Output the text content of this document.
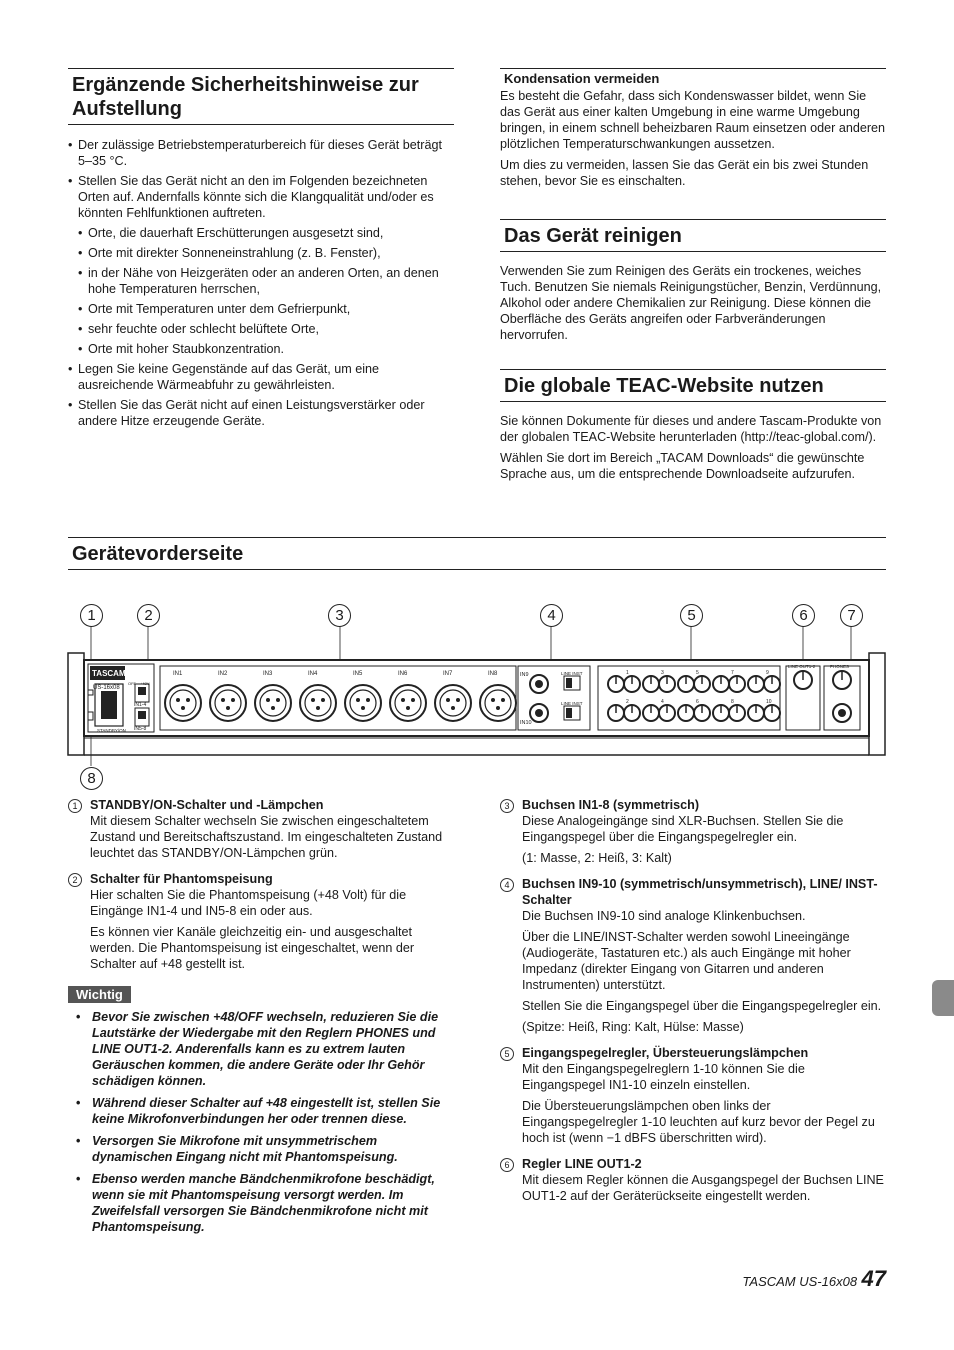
Ergänzende Sicherheitshinweise zur Aufstellung
• Der zulässige Betriebstemperaturbereich für dieses Gerät beträgt 5–35 °C.
• Stellen Sie das Gerät nicht an den im Folgenden bezeichneten Orten auf. Andernfalls könnte sich die Klangqualität und/oder es könnten Fehlfunktionen auftreten.
• Orte, die dauerhaft Erschütterungen ausgesetzt sind,
• Orte mit direkter Sonneneinstrahlung (z. B. Fenster),
• in der Nähe von Heizgeräten oder an anderen Orten, an denen hohe Temperaturen herrschen,
• Orte mit Temperaturen unter dem Gefrierpunkt,
• sehr feuchte oder schlecht belüftete Orte,
• Orte mit hoher Staubkonzentration.
• Legen Sie keine Gegenstände auf das Gerät, um eine ausreichende Wärmeabfuhr zu gewährleisten.
• Stellen Sie das Gerät nicht auf einen Leistungsverstärker oder andere Hitze erzeugende Geräte.
Kondensation vermeiden

Es besteht die Gefahr, dass sich Kondenswasser bildet, wenn Sie das Gerät aus einer kalten Umgebung in eine warme Umgebung bringen, in einem schnell beheizbaren Raum einsetzen oder anderen plötzlichen Temperaturschwankungen aussetzen.

Um dies zu vermeiden, lassen Sie das Gerät ein bis zwei Stunden stehen, bevor Sie es einschalten.

Das Gerät reinigen

Verwenden Sie zum Reinigen des Geräts ein trockenes, weiches Tuch. Benutzen Sie niemals Reinigungstücher, Benzin, Verdünnung, Alkohol oder andere Chemikalien zur Reinigung. Diese können die Oberfläche des Geräts angreifen oder Farbveränderungen hervorrufen.

Die globale TEAC-Website nutzen

Sie können Dokumente für dieses und andere Tascam-Produkte von der globalen TEAC-Website herunterladen (http://teac-global.com/).

Wählen Sie dort im Bereich „TACAM Downloads“ die gewünschte Sprache aus, um die entsprechende Downloadseite aufzurufen.

Gerätevorderseite
1	2	3	4	5	6	7
8
IN1	IN2	IN3	IN4	IN5	IN6	IN7	IN8	1
2
3
4
5
6
7
8
9
10
TASCAM
US-16x08
STANDBY/ON
OFF +48V
IN1-4
IN5-8
IN9
IN10
LINE INST
LINE INST
LINE OUT1-2	PHONES
1 STANDBY/ON-Schalter und -Lämpchen

Mit diesem Schalter wechseln Sie zwischen eingeschaltetem Zustand und Bereitschaftszustand. Im eingeschalteten Zustand leuchtet das STANDBY/ON-Lämpchen grün.

2 Schalter für Phantomspeisung

Hier schalten Sie die Phantomspeisung (+48 Volt) für die Eingänge IN1-4 und IN5-8 ein oder aus.

Es können vier Kanäle gleichzeitig ein- und ausgeschaltet werden. Die Phantomspeisung ist eingeschaltet, wenn der Schalter auf +48 gestellt ist.

Wichtig
• Bevor Sie zwischen +48/OFF wechseln, reduzieren Sie die Lautstärke der Wiedergabe mit den Reglern PHONES und LINE OUT1-2. Anderenfalls kann es zu extrem lauten Geräuschen kommen, die andere Geräte oder Ihr Gehör schädigen können.
• Während dieser Schalter auf +48 eingestellt ist, stellen Sie keine Mikrofonverbindungen her oder trennen diese.
• Versorgen Sie Mikrofone mit unsymmetrischem dynamischen Eingang nicht mit Phantomspeisung.
• Ebenso werden manche Bändchenmikrofone beschädigt, wenn sie mit Phantomspeisung versorgt werden. Im Zweifelsfall versorgen Sie Bändchenmikrofone nicht mit Phantomspeisung.
3 Buchsen IN1-8 (symmetrisch)

Diese Analogeingänge sind XLR-Buchsen. Stellen Sie die Eingangspegel über die Eingangspegelregler ein.

(1: Masse, 2: Heiß, 3: Kalt)

4 Buchsen IN9-10 (symmetrisch/unsymmetrisch), LINE/ INST-Schalter

Die Buchsen IN9-10 sind analoge Klinkenbuchsen.

Über die LINE/INST-Schalter werden sowohl Lineeingänge (Audiogeräte, Tastaturen etc.) als auch Eingänge mit hoher Impedanz (direkter Eingang von Gitarren und anderen Instrumenten) unterstützt.

Stellen Sie die Eingangspegel über die Eingangspegelregler ein.

(Spitze: Heiß, Ring: Kalt, Hülse: Masse)

5 Eingangspegelregler, Übersteuerungslämpchen

Mit den Eingangspegelreglern 1-10 können Sie die Eingangspegel IN1-10 einzeln einstellen.

Die Übersteuerungslämpchen oben links der Eingangspegelregler 1-10 leuchten auf kurz bevor der Pegel zu hoch ist (wenn −1 dBFS überschritten wird).

6 Regler LINE OUT1-2

Mit diesem Regler können die Ausgangspegel der Buchsen LINE OUT1-2 auf der Geräterückseite eingestellt werden.

TASCAM US-16x08 47
